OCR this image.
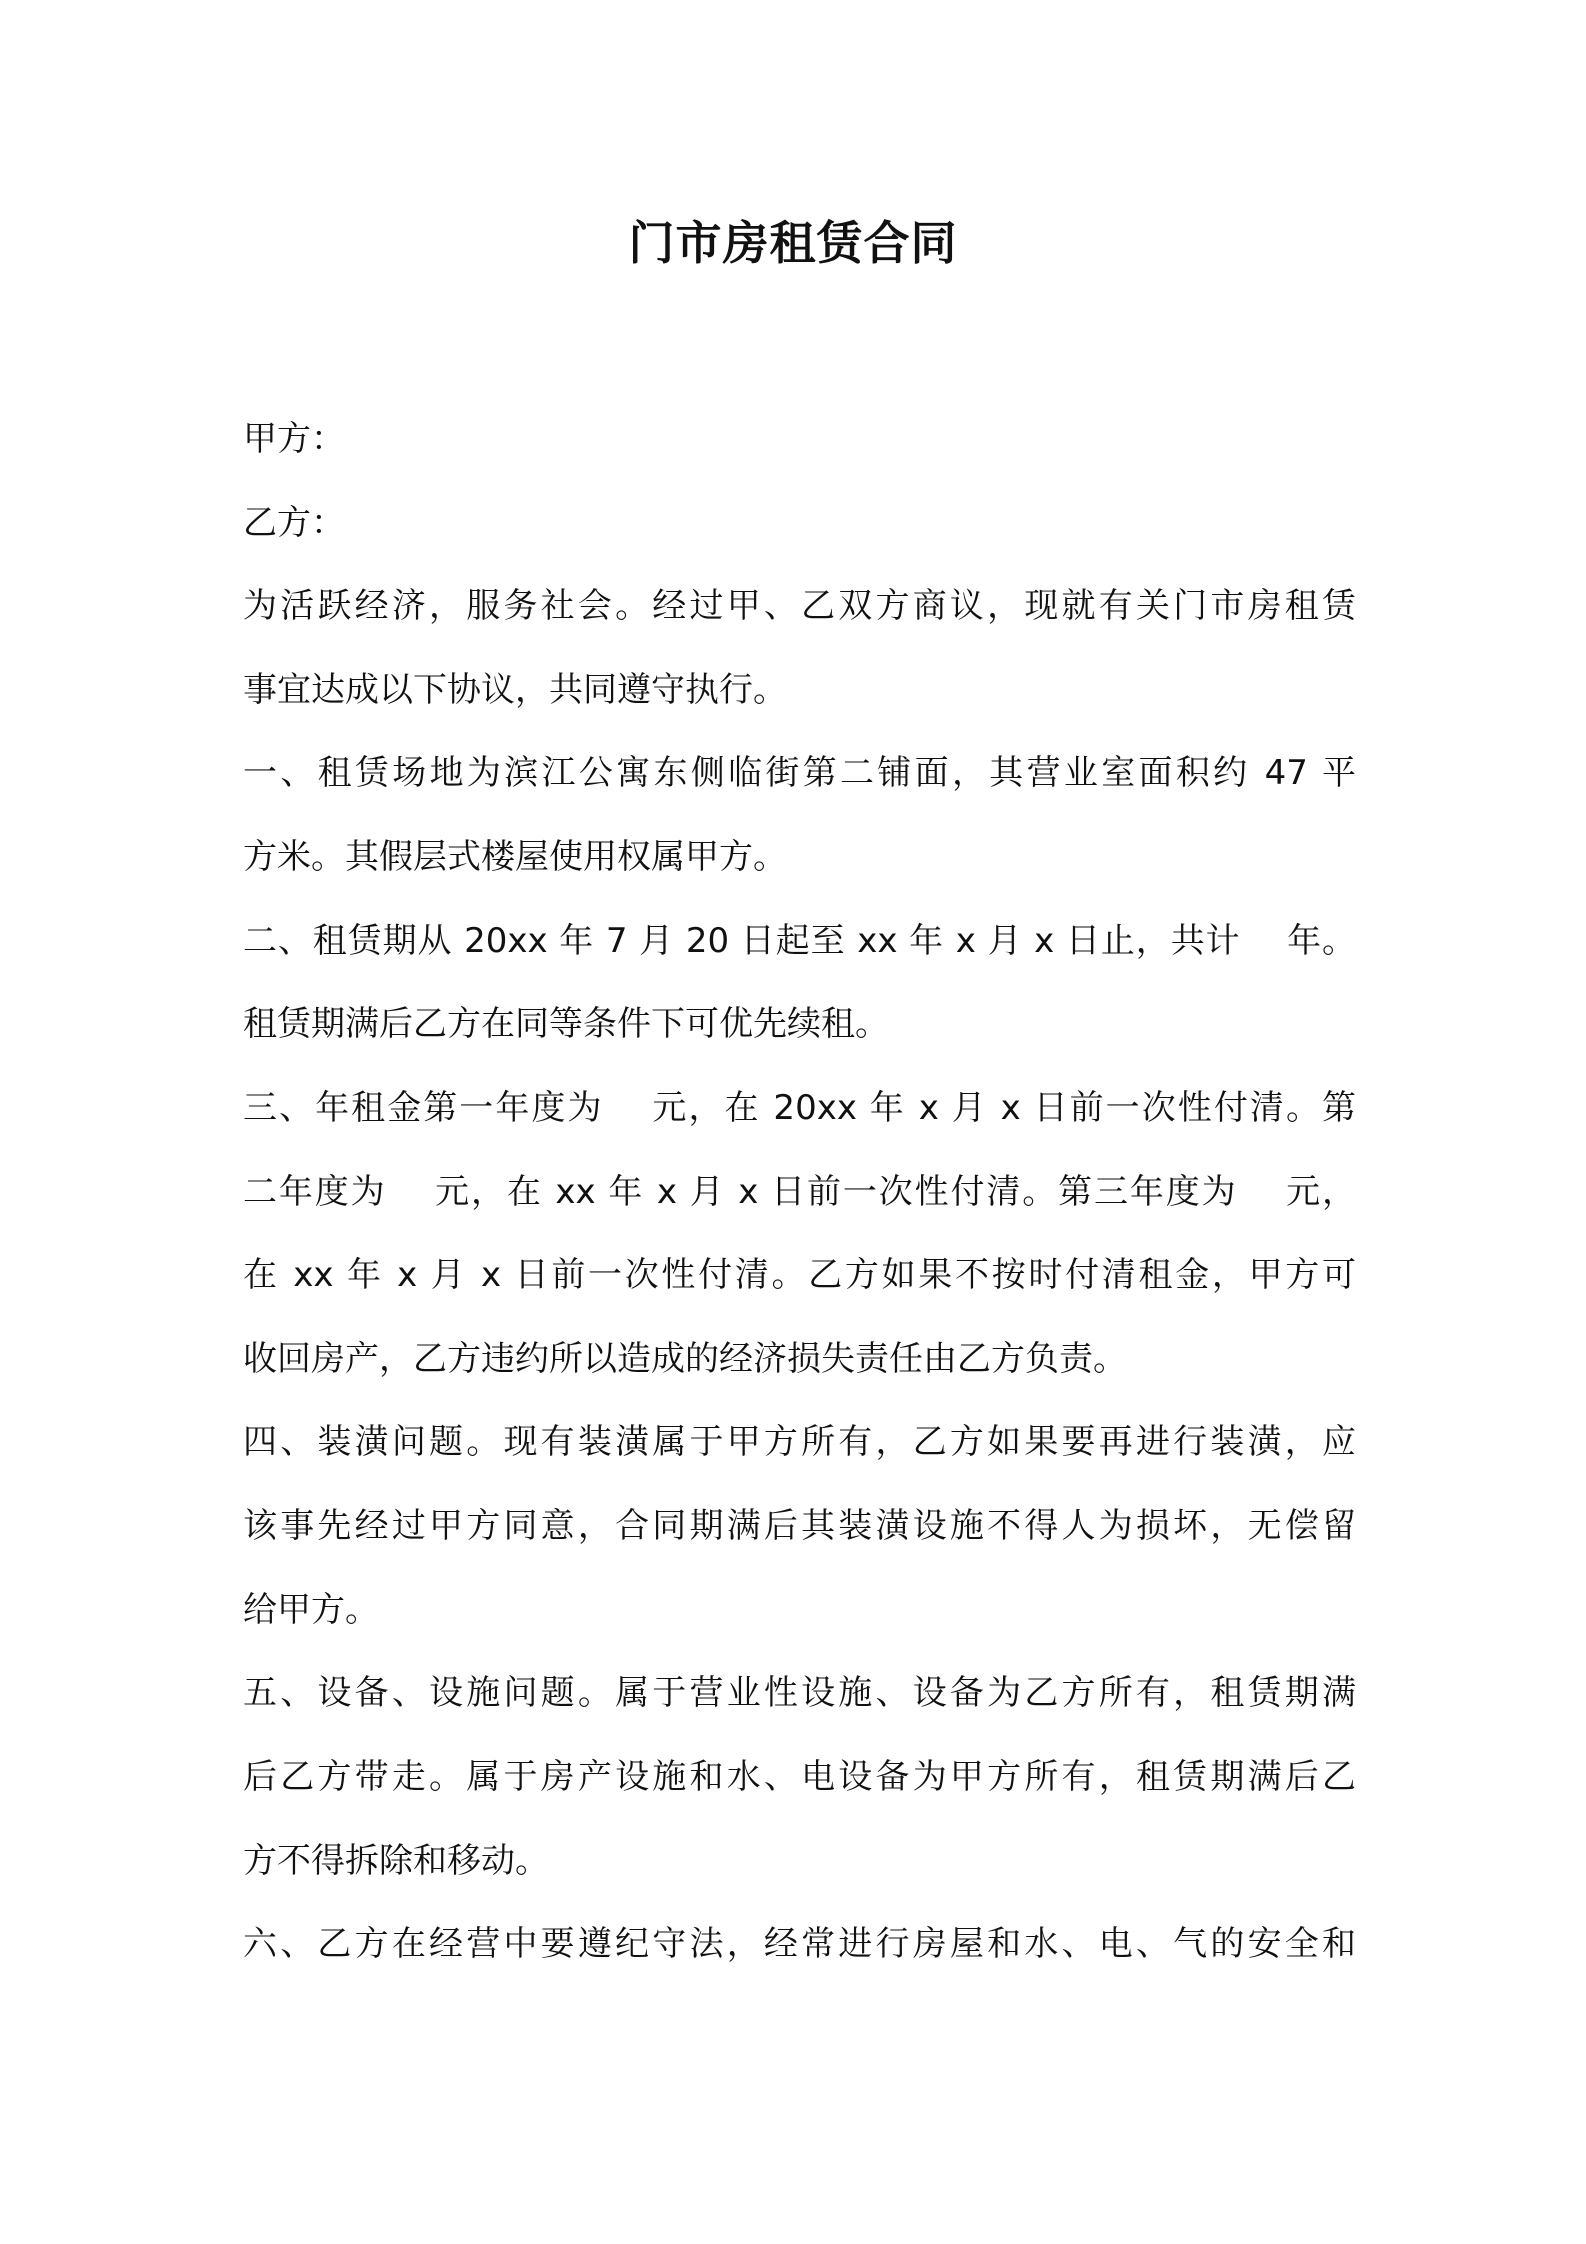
门市房租赁合同

甲方：

乙方：

为活跃经济，服务社会。经过甲、乙双方商议，现就有关门市房租赁

事宜达成以下协议，共同遵守执行。

一、租赁场地为滨江公寓东侧临街第二铺面，其营业室面积约 47 平

方米。其假层式楼屋使用权属甲方。

二、租赁期从 20xx 年 7 月 20 日起至 xx 年 x 月 x 日止，共计　 年。

租赁期满后乙方在同等条件下可优先续租。

三、年租金第一年度为　 元，在 20xx 年 x 月 x 日前一次性付清。第

二年度为　 元，在 xx 年 x 月 x 日前一次性付清。第三年度为　 元，

在 xx 年 x 月 x 日前一次性付清。乙方如果不按时付清租金，甲方可

收回房产，乙方违约所以造成的经济损失责任由乙方负责。

四、装潢问题。现有装潢属于甲方所有，乙方如果要再进行装潢，应

该事先经过甲方同意，合同期满后其装潢设施不得人为损坏，无偿留

给甲方。

五、设备、设施问题。属于营业性设施、设备为乙方所有，租赁期满

后乙方带走。属于房产设施和水、电设备为甲方所有，租赁期满后乙

方不得拆除和移动。

六、乙方在经营中要遵纪守法，经常进行房屋和水、电、气的安全和
